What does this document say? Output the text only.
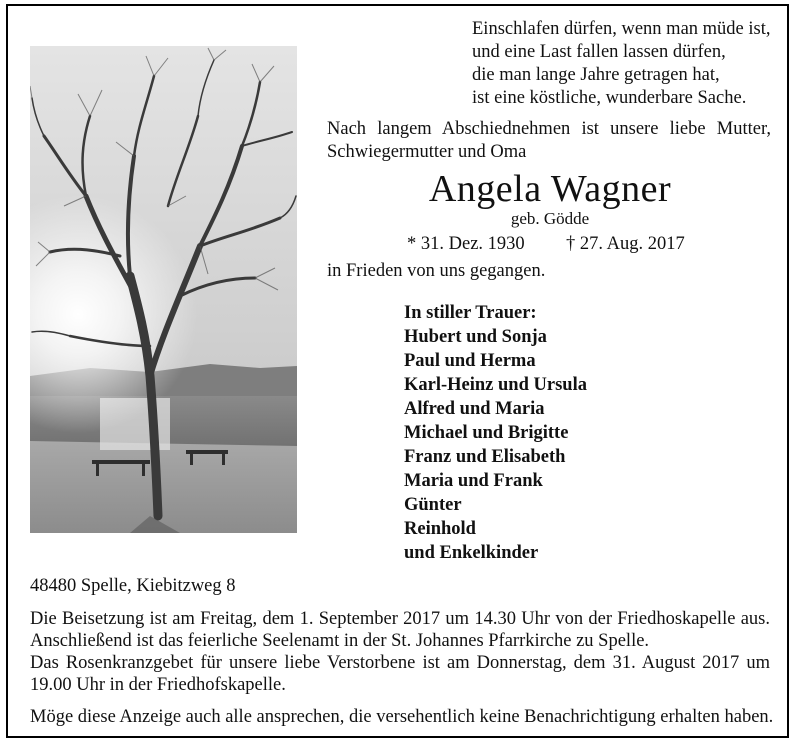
Einschlafen dürfen, wenn man müde ist,
und eine Last fallen lassen dürfen,
die man lange Jahre getragen hat,
ist eine köstliche, wunderbare Sache.
Nach langem Abschiednehmen ist unsere liebe Mutter,
Schwiegermutter und Oma
Angela Wagner
geb. Gödde
* 31. Dez. 1930 † 27. Aug. 2017
in Frieden von uns gegangen.
In stiller Trauer:
Hubert und Sonja
Paul und Herma
Karl-Heinz und Ursula
Alfred und Maria
Michael und Brigitte
Franz und Elisabeth
Maria und Frank
Günter
Reinhold
und Enkelkinder
48480 Spelle, Kiebitzweg 8
Die Beisetzung ist am Freitag, dem 1. September 2017 um 14.30 Uhr von der Friedhoskapelle aus.
Anschließend ist das feierliche Seelenamt in der St. Johannes Pfarrkirche zu Spelle.
Das Rosenkranzgebet für unsere liebe Verstorbene ist am Donnerstag, dem 31. August 2017 um
19.00 Uhr in der Friedhofskapelle.
Möge diese Anzeige auch alle ansprechen, die versehentlich keine Benachrichtigung erhalten haben.
